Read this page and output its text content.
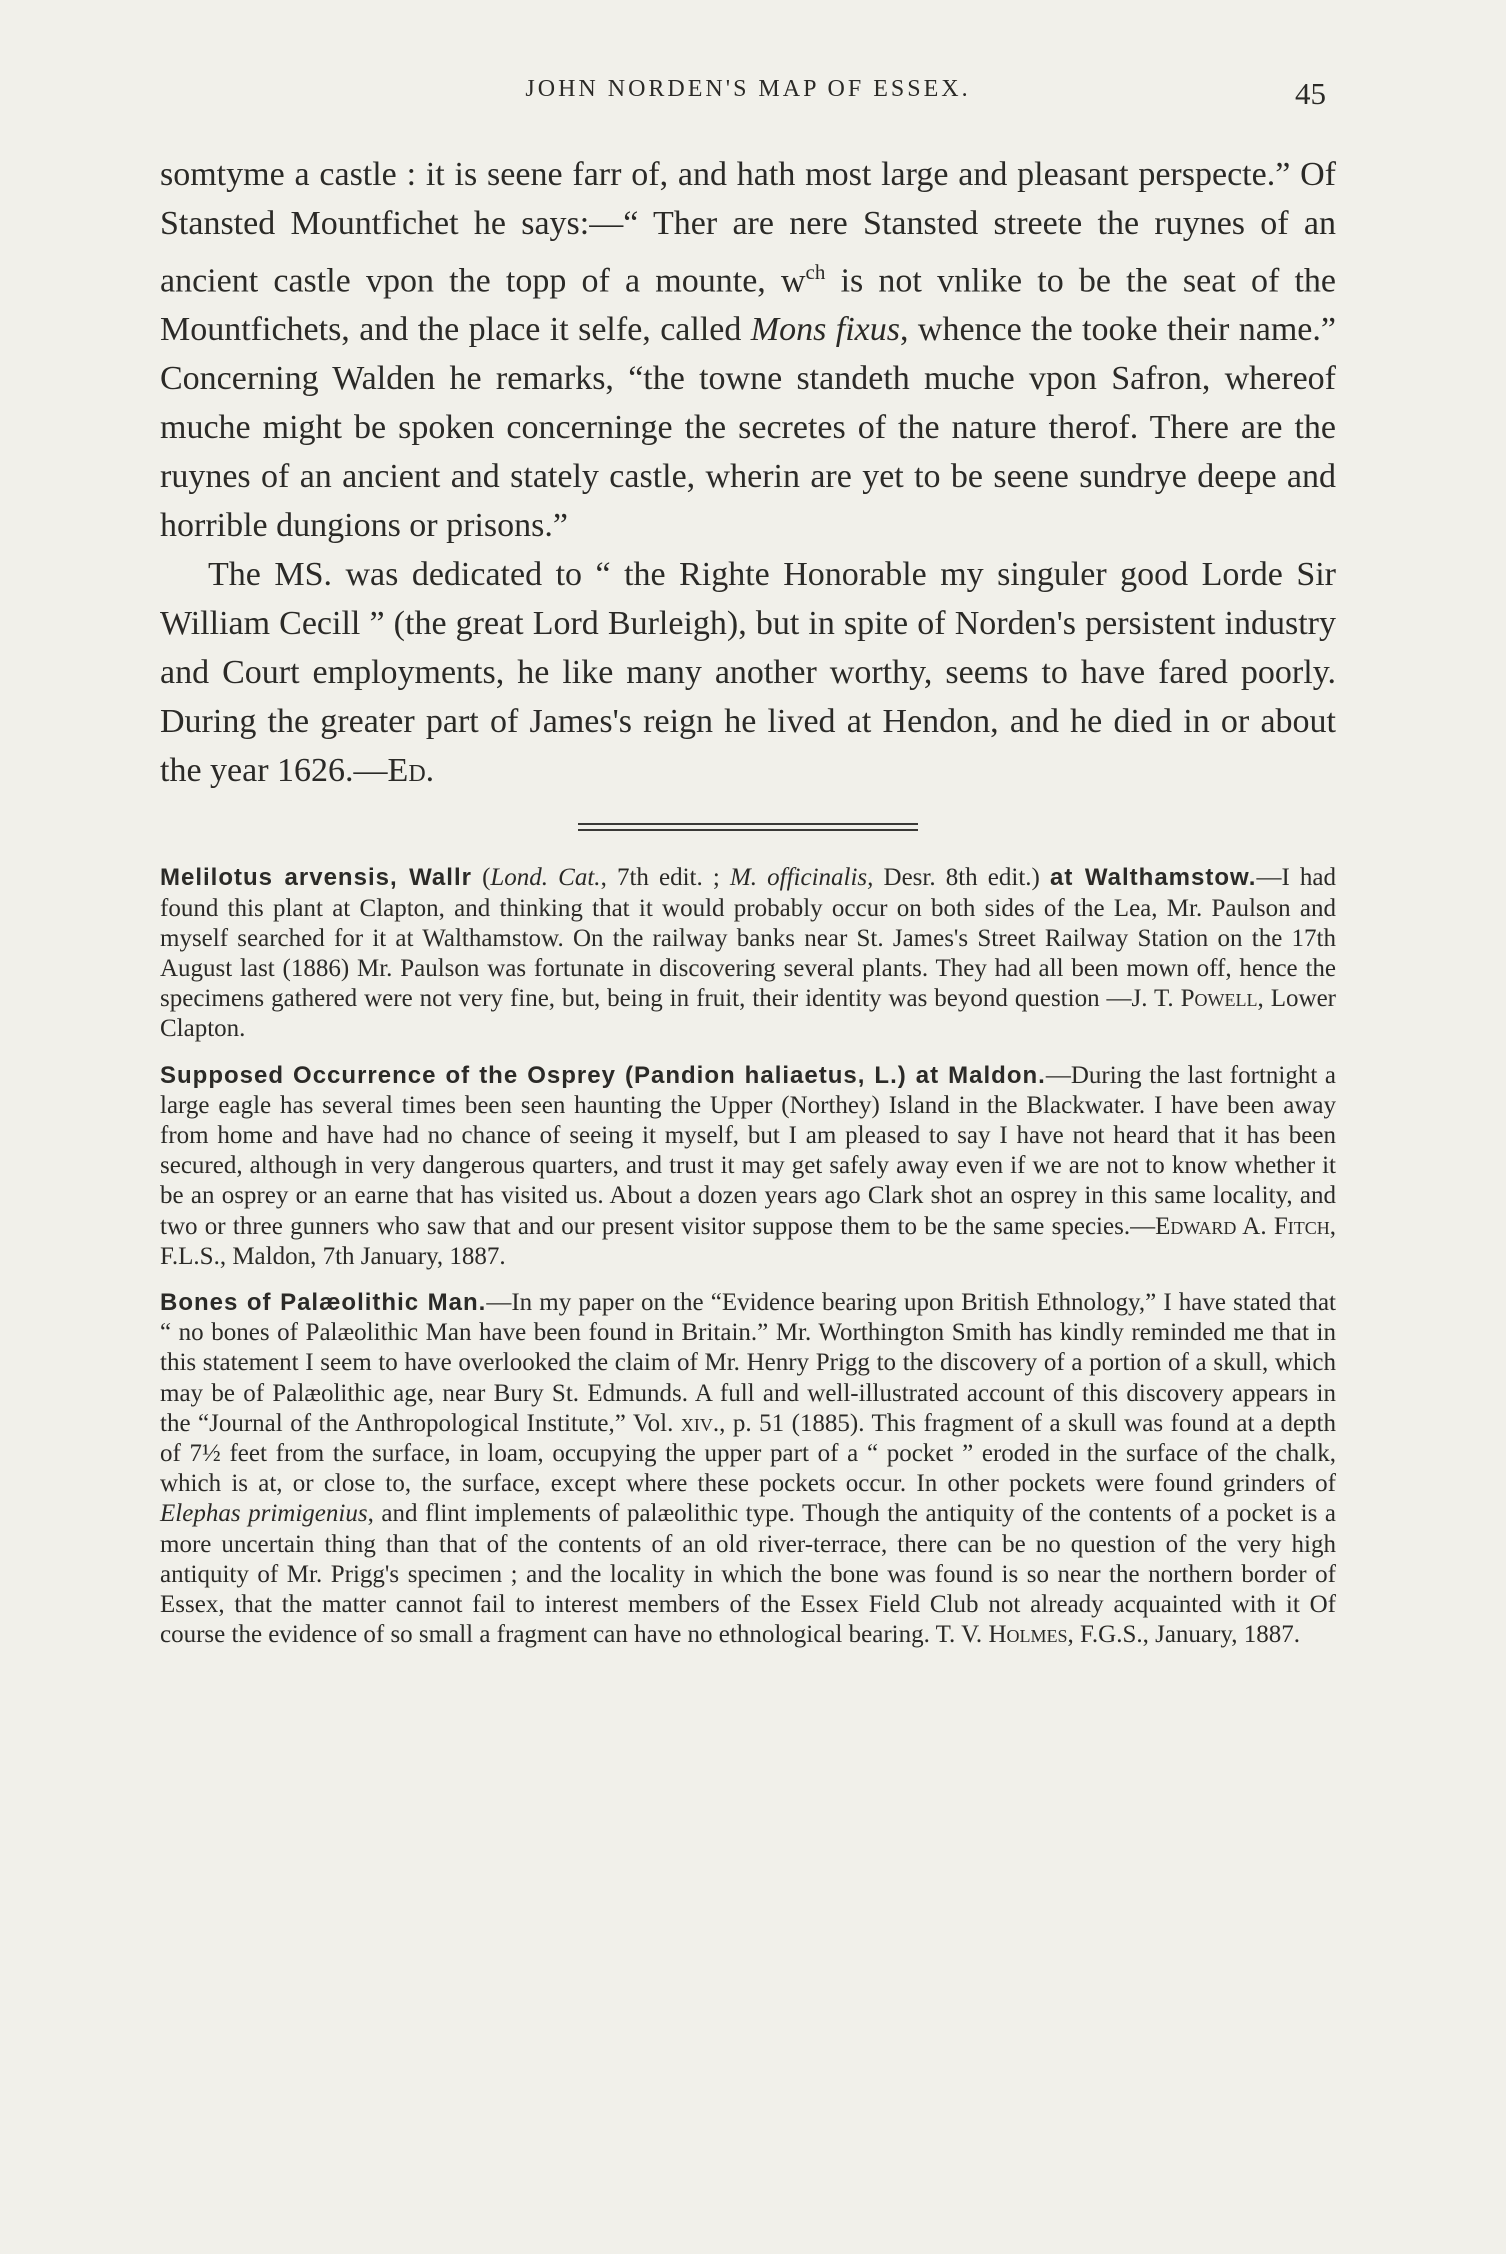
JOHN NORDEN'S MAP OF ESSEX.	45

somtyme a castle : it is seene farr of, and hath most large and pleasant perspecte.” Of Stansted Mountfichet he says:—“ Ther are nere Stansted streete the ruynes of an ancient castle vpon the topp of a mounte, $w^{ch}$ is not vnlike to be the seat of the Mountfichets, and the place it selfe, called Mons fixus, whence the tooke their name.” Concerning Walden he remarks, “the towne standeth muche vpon Safron, whereof muche might be spoken concerninge the secretes of the nature therof. There are the ruynes of an ancient and stately castle, wherin are yet to be seene sundrye deepe and horrible dungions or prisons.”

The MS. was dedicated to “ the Righte Honorable my singuler good Lorde Sir William Cecill ” (the great Lord Burleigh), but in spite of Norden's persistent industry and Court employments, he like many another worthy, seems to have fared poorly. During the greater part of James's reign he lived at Hendon, and he died in or about the year 1626.—Ed.

Melilotus arvensis, Wallr (Lond. Cat., 7th edit. ; M. officinalis, Desr. 8th edit.) at Walthamstow.—I had found this plant at Clapton, and thinking that it would probably occur on both sides of the Lea, Mr. Paulson and myself searched for it at Walthamstow. On the railway banks near St. James's Street Railway Station on the 17th August last (1886) Mr. Paulson was fortunate in discovering several plants. They had all been mown off, hence the specimens gathered were not very fine, but, being in fruit, their identity was beyond question —J. T. Powell, Lower Clapton.

Supposed Occurrence of the Osprey (Pandion haliaetus, L.) at Maldon.—During the last fortnight a large eagle has several times been seen haunting the Upper (Northey) Island in the Blackwater. I have been away from home and have had no chance of seeing it myself, but I am pleased to say I have not heard that it has been secured, although in very dangerous quarters, and trust it may get safely away even if we are not to know whether it be an osprey or an earne that has visited us. About a dozen years ago Clark shot an osprey in this same locality, and two or three gunners who saw that and our present visitor suppose them to be the same species.—Edward A. Fitch, F.L.S., Maldon, 7th January, 1887.

Bones of Palæolithic Man.—In my paper on the “Evidence bearing upon British Ethnology,” I have stated that “ no bones of Palæolithic Man have been found in Britain.” Mr. Worthington Smith has kindly reminded me that in this statement I seem to have overlooked the claim of Mr. Henry Prigg to the discovery of a portion of a skull, which may be of Palæolithic age, near Bury St. Edmunds. A full and well-illustrated account of this discovery appears in the “Journal of the Anthropological Institute,” Vol. xiv., p. 51 (1885). This fragment of a skull was found at a depth of 7½ feet from the surface, in loam, occupying the upper part of a “ pocket ” eroded in the surface of the chalk, which is at, or close to, the surface, except where these pockets occur. In other pockets were found grinders of Elephas primigenius, and flint implements of palæolithic type. Though the antiquity of the contents of a pocket is a more uncertain thing than that of the contents of an old river-terrace, there can be no question of the very high antiquity of Mr. Prigg's specimen ; and the locality in which the bone was found is so near the northern border of Essex, that the matter cannot fail to interest members of the Essex Field Club not already acquainted with it Of course the evidence of so small a fragment can have no ethnological bearing. T. V. Holmes, F.G.S., January, 1887.
